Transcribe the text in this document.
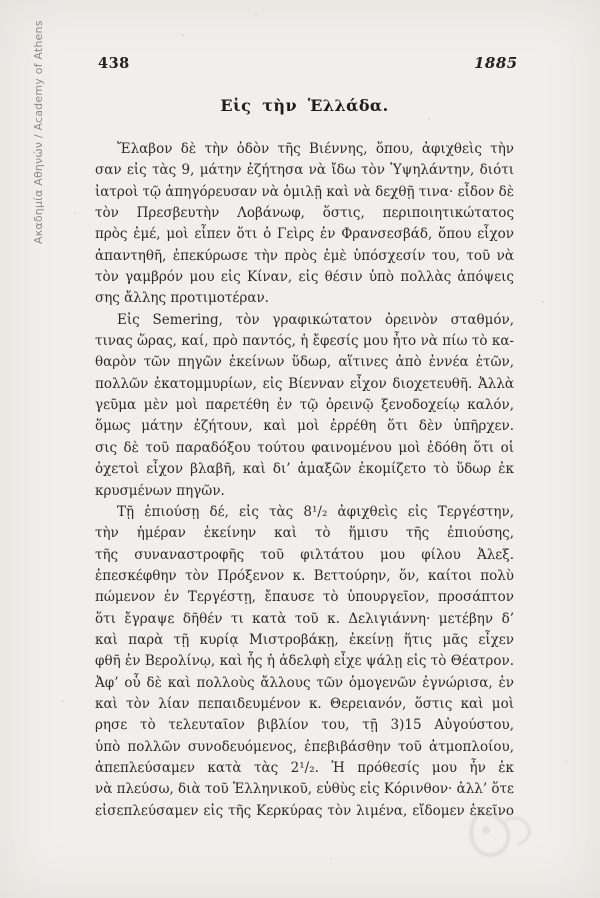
Ακαδημία Αθηνών / Academy of Athens	438	1885
Εἰς τὴν Ἑλλάδα.
Ἔλαβον δὲ τὴν ὁδὸν τῆς Βιέννης, ὅπου, ἀφιχθεὶς τὴν
σαν εἰς τὰς 9, μάτην ἐζήτησα νὰ ἴδω τὸν Ὑψηλάντην, διότι
ἰατροὶ τῷ ἀπηγόρευσαν νὰ ὁμιλῇ καὶ νὰ δεχθῇ τινα· εἶδον δὲ
τὸν Πρεσβευτὴν Λοβάνωφ, ὅστις, περιποιητικώτατος
πρὸς ἐμέ, μοὶ εἶπεν ὅτι ὁ Γεὶρς ἐν Φρανσεσβάδ, ὅπου εἶχον
ἀπαντηθῆ, ἐπεκύρωσε τὴν πρὸς ἐμὲ ὑπόσχεσίν του, τοῦ νὰ
τὸν γαμβρόν μου εἰς Κίναν, εἰς θέσιν ὑπὸ πολλὰς ἀπόψεις
σης ἄλλης προτιμοτέραν.
Εἰς Semering, τὸν γραφικώτατον ὀρεινὸν σταθμόν,
τινας ὥρας, καί, πρὸ παντός, ἡ ἔφεσίς μου ἦτο νὰ πίω τὸ κα-
θαρὸν τῶν πηγῶν ἐκείνων ὕδωρ, αἵτινες ἀπὸ ἐννέα ἐτῶν,
πολλῶν ἑκατομμυρίων, εἰς Βίενναν εἶχον διοχετευθῆ. Ἀλλὰ
γεῦμα μὲν μοὶ παρετέθη ἐν τῷ ὀρεινῷ ξενοδοχείῳ καλόν,
ὅμως μάτην ἐζήτουν, καὶ μοὶ ἐρρέθη ὅτι δὲν ὑπῆρχεν.
σις δὲ τοῦ παραδόξου τούτου φαινομένου μοὶ ἐδόθη ὅτι οἱ
ὀχετοὶ εἶχον βλαβῆ, καὶ δι’ ἁμαξῶν ἐκομίζετο τὸ ὕδωρ ἐκ
κρυσμένων πηγῶν.
Τῇ ἐπιούσῃ δέ, εἰς τὰς 8¹/₂ ἀφιχθεὶς εἰς Τεργέστην,
τὴν ἡμέραν ἐκείνην καὶ τὸ ἥμισυ τῆς ἐπιούσης,
τῆς συναναστροφῆς τοῦ φιλτάτου μου φίλου Ἀλεξ.
ἐπεσκέφθην τὸν Πρόξενον κ. Βεττούρην, ὅν, καίτοι πολὺ
πώμενον ἐν Τεργέστῃ, ἔπαυσε τὸ ὑπουργεῖον, προσάπτον
ὅτι ἔγραψε δῆθέν τι κατὰ τοῦ κ. Δελιγιάννη· μετέβην δ’
καὶ παρὰ τῇ κυρίᾳ Μιστροβάκῃ, ἐκείνῃ ἥτις μᾶς εἶχεν
φθῆ ἐν Βερολίνῳ, καὶ ἧς ἡ ἀδελφὴ εἶχε ψάλῃ εἰς τὸ Θέατρον.
Ἀφ’ οὗ δὲ καὶ πολλοὺς ἄλλους τῶν ὁμογενῶν ἐγνώρισα, ἐν
καὶ τὸν λίαν πεπαιδευμένον κ. Θερειανόν, ὅστις καὶ μοὶ
ρησε τὸ τελευταῖον βιβλίον του, τῇ 3)15 Αὐγούστου,
ὑπὸ πολλῶν συνοδευόμενος, ἐπεβιβάσθην τοῦ ἀτμοπλοίου,
ἀπεπλεύσαμεν κατὰ τὰς 2¹/₂. Ἡ πρόθεσίς μου ἦν ἐκ
νὰ πλεύσω, διὰ τοῦ Ἑλληνικοῦ, εὐθὺς εἰς Κόρινθον· ἀλλ’ ὅτε
εἰσεπλεύσαμεν εἰς τῆς Κερκύρας τὸν λιμένα, εἴδομεν ἐκεῖνο
